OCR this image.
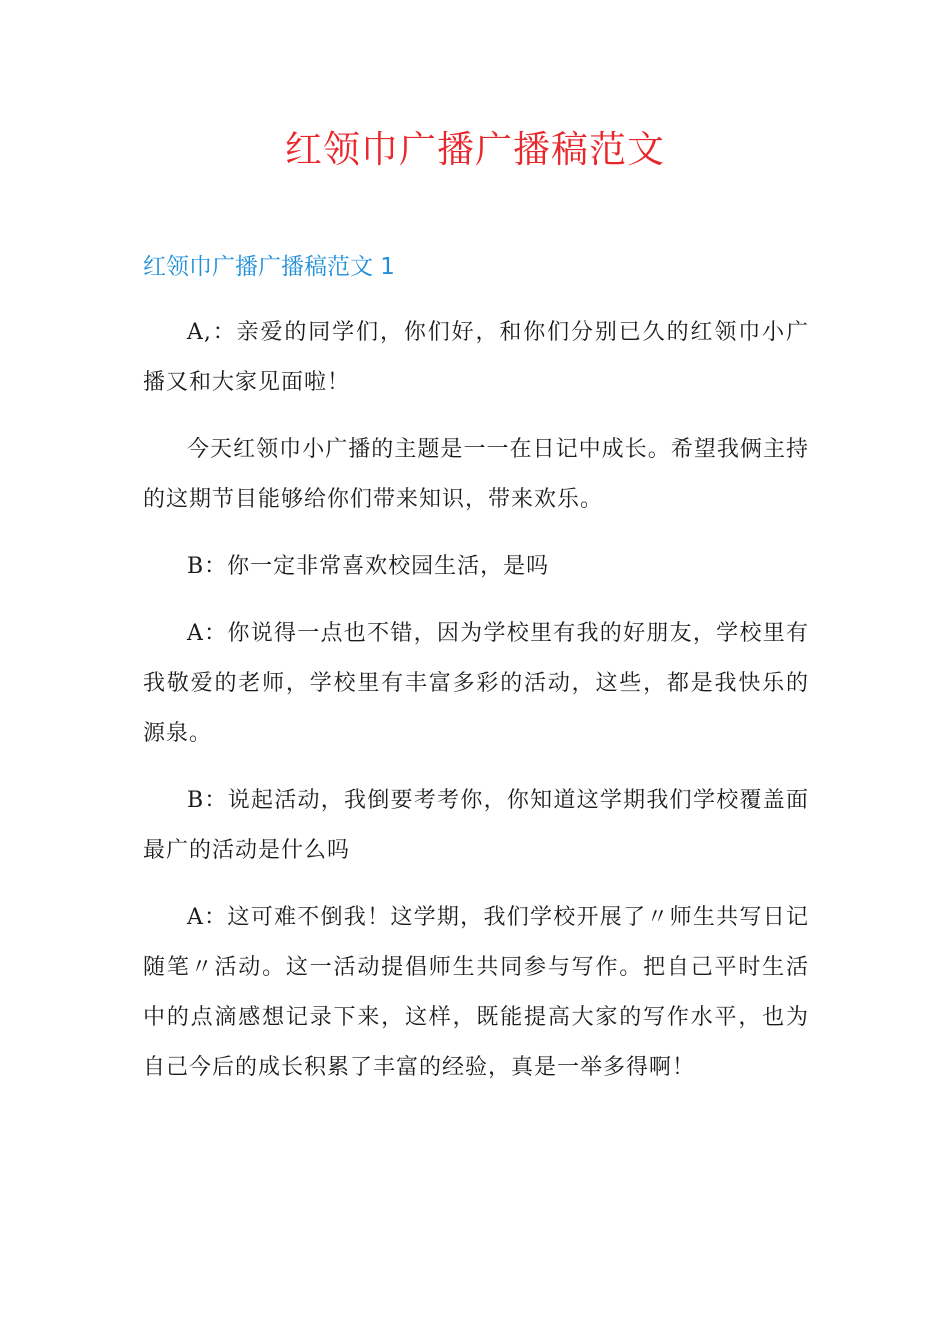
红领巾广播广播稿范文
红领巾广播广播稿范文 1

A,：亲爱的同学们，你们好，和你们分别已久的红领巾小广播又和大家见面啦！

今天红领巾小广播的主题是一一在日记中成长。希望我俩主持的这期节目能够给你们带来知识，带来欢乐。

B：你一定非常喜欢校园生活，是吗

A：你说得一点也不错，因为学校里有我的好朋友，学校里有我敬爱的老师，学校里有丰富多彩的活动，这些，都是我快乐的源泉。

B：说起活动，我倒要考考你，你知道这学期我们学校覆盖面最广的活动是什么吗

A：这可难不倒我！这学期，我们学校开展了〃师生共写日记随笔〃活动。这一活动提倡师生共同参与写作。把自己平时生活中的点滴感想记录下来，这样，既能提高大家的写作水平，也为自己今后的成长积累了丰富的经验，真是一举多得啊！
